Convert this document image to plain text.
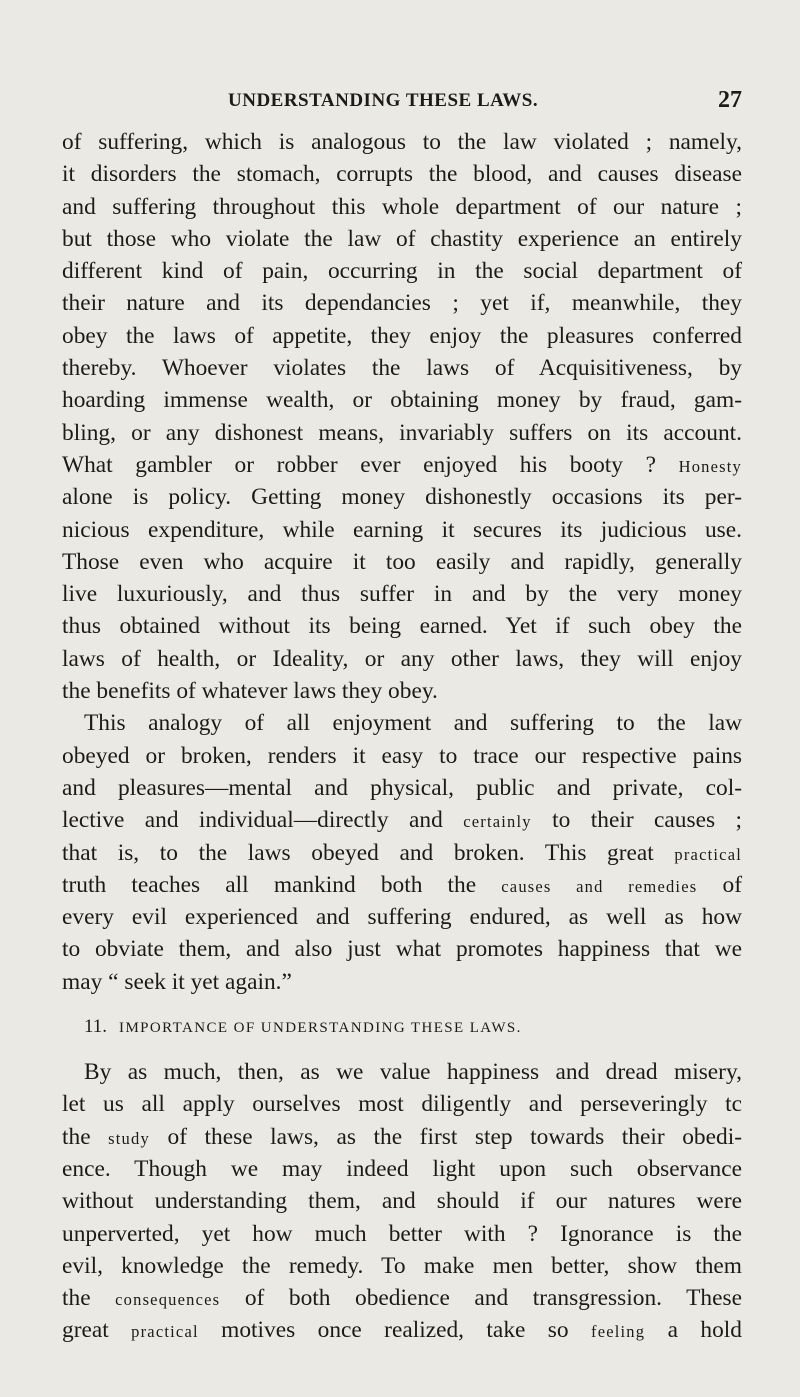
UNDERSTANDING THESE LAWS.	27
of suffering, which is analogous to the law violated ; namely,
it disorders the stomach, corrupts the blood, and causes disease
and suffering throughout this whole department of our nature ;
but those who violate the law of chastity experience an entirely
different kind of pain, occurring in the social department of
their nature and its dependancies ; yet if, meanwhile, they
obey the laws of appetite, they enjoy the pleasures conferred
thereby. Whoever violates the laws of Acquisitiveness, by
hoarding immense wealth, or obtaining money by fraud, gam-
bling, or any dishonest means, invariably suffers on its account.
What gambler or robber ever enjoyed his booty ? Honesty
alone is policy. Getting money dishonestly occasions its per-
nicious expenditure, while earning it secures its judicious use.
Those even who acquire it too easily and rapidly, generally
live luxuriously, and thus suffer in and by the very money
thus obtained without its being earned. Yet if such obey the
laws of health, or Ideality, or any other laws, they will enjoy
the benefits of whatever laws they obey.
This analogy of all enjoyment and suffering to the law
obeyed or broken, renders it easy to trace our respective pains
and pleasures—mental and physical, public and private, col-
lective and individual—directly and certainly to their causes ;
that is, to the laws obeyed and broken. This great practical
truth teaches all mankind both the causes and remedies of
every evil experienced and suffering endured, as well as how
to obviate them, and also just what promotes happiness that we
may “ seek it yet again.”
11. IMPORTANCE OF UNDERSTANDING THESE LAWS.
By as much, then, as we value happiness and dread misery,
let us all apply ourselves most diligently and perseveringly tc
the study of these laws, as the first step towards their obedi-
ence. Though we may indeed light upon such observance
without understanding them, and should if our natures were
unperverted, yet how much better with ? Ignorance is the
evil, knowledge the remedy. To make men better, show them
the consequences of both obedience and transgression. These
great practical motives once realized, take so feeling a hold
